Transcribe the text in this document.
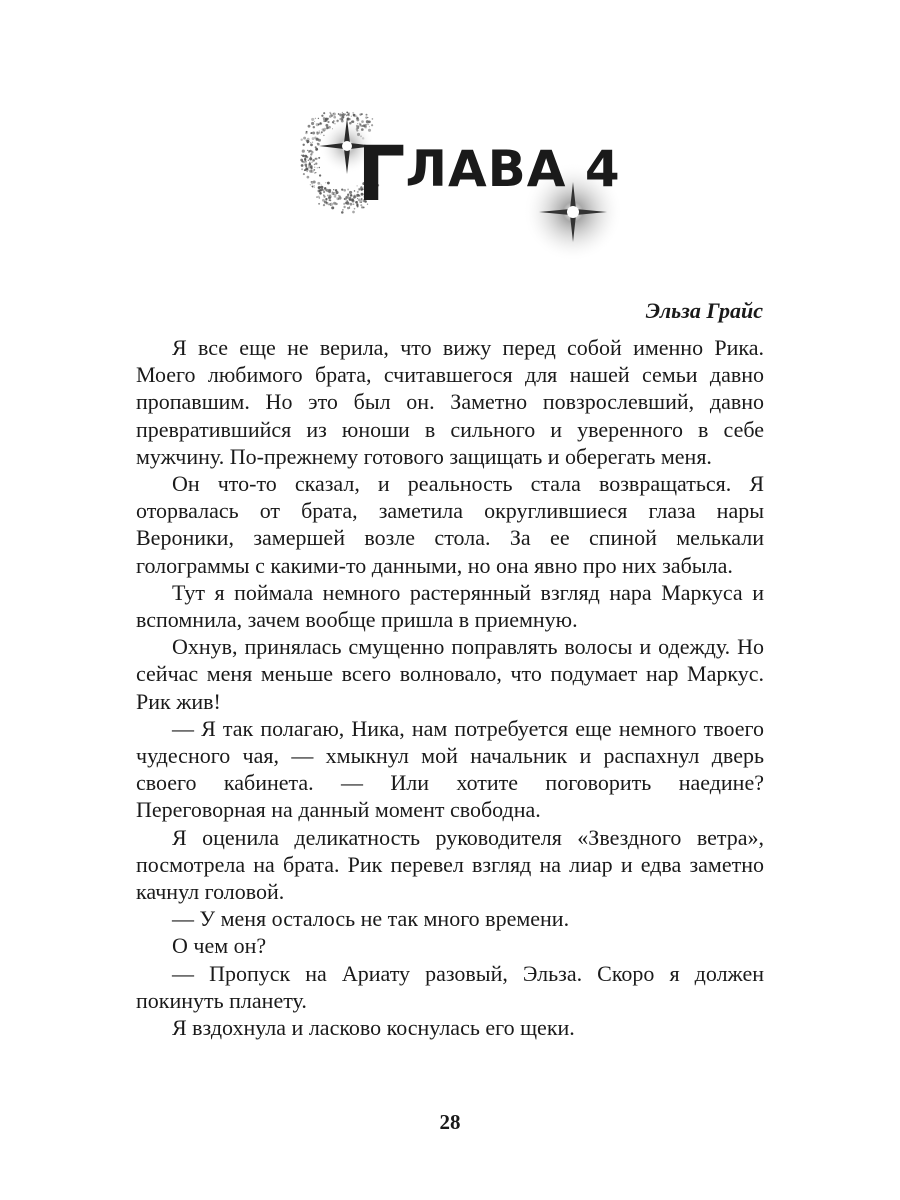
ГЛАВА 4

Эльза Грайс

Я все еще не верила, что вижу перед собой именно Рика. Моего любимого брата, считавшегося для нашей семьи давно пропавшим. Но это был он. Заметно повзрослевший, давно превратившийся из юноши в сильного и уверенного в себе мужчину. По-прежнему готового защищать и оберегать меня.

Он что-то сказал, и реальность стала возвращаться. Я оторвалась от брата, заметила округлившиеся глаза нары Вероники, замершей возле стола. За ее спиной мелькали голограммы с какими-то данными, но она явно про них забыла.

Тут я поймала немного растерянный взгляд нара Маркуса и вспомнила, зачем вообще пришла в приемную.

Охнув, принялась смущенно поправлять волосы и одежду. Но сейчас меня меньше всего волновало, что подумает нар Маркус. Рик жив!

— Я так полагаю, Ника, нам потребуется еще немного твоего чудесного чая, — хмыкнул мой начальник и распахнул дверь своего кабинета. — Или хотите поговорить наедине? Переговорная на данный момент свободна.

Я оценила деликатность руководителя «Звездного ветра», посмотрела на брата. Рик перевел взгляд на лиар и едва заметно качнул головой.

— У меня осталось не так много времени.

О чем он?

— Пропуск на Ариату разовый, Эльза. Скоро я должен покинуть планету.

Я вздохнула и ласково коснулась его щеки.

28
